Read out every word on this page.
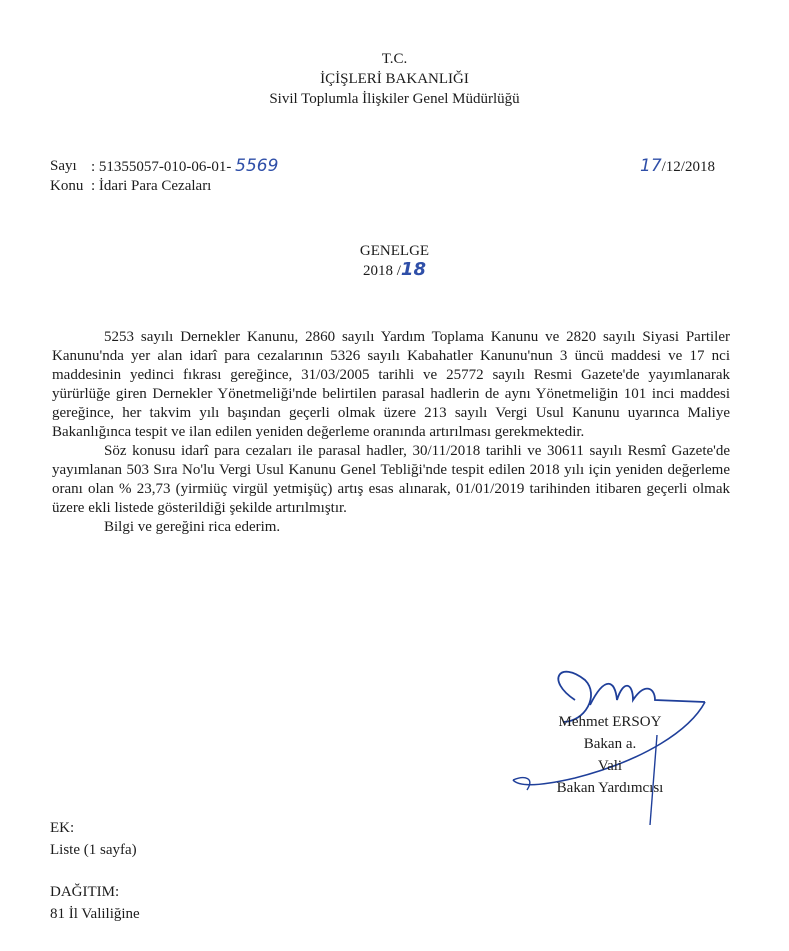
T.C.
İÇİŞLERİ BAKANLIĞI
Sivil Toplumla İlişkiler Genel Müdürlüğü
Sayı : 51355057-010-06-01- 5569	17/12/2018
Konu : İdari Para Cezaları
GENELGE
2018 /18

5253 sayılı Dernekler Kanunu, 2860 sayılı Yardım Toplama Kanunu ve 2820 sayılı Siyasi Partiler Kanunu'nda yer alan idarî para cezalarının 5326 sayılı Kabahatler Kanunu'nun 3 üncü maddesi ve 17 nci maddesinin yedinci fıkrası gereğince, 31/03/2005 tarihli ve 25772 sayılı Resmi Gazete'de yayımlanarak yürürlüğe giren Dernekler Yönetmeliği'nde belirtilen parasal hadlerin de aynı Yönetmeliğin 101 inci maddesi gereğince, her takvim yılı başından geçerli olmak üzere 213 sayılı Vergi Usul Kanunu uyarınca Maliye Bakanlığınca tespit ve ilan edilen yeniden değerleme oranında artırılması gerekmektedir.

Söz konusu idarî para cezaları ile parasal hadler, 30/11/2018 tarihli ve 30611 sayılı Resmî Gazete'de yayımlanan 503 Sıra No'lu Vergi Usul Kanunu Genel Tebliği'nde tespit edilen 2018 yılı için yeniden değerleme oranı olan % 23,73 (yirmiüç virgül yetmişüç) artış esas alınarak, 01/01/2019 tarihinden itibaren geçerli olmak üzere ekli listede gösterildiği şekilde artırılmıştır.

Bilgi ve gereğini rica ederim.

Mehmet ERSOY
Bakan a.
Vali
Bakan Yardımcısı
EK:
Liste (1 sayfa)
DAĞITIM:
81 İl Valiliğine
